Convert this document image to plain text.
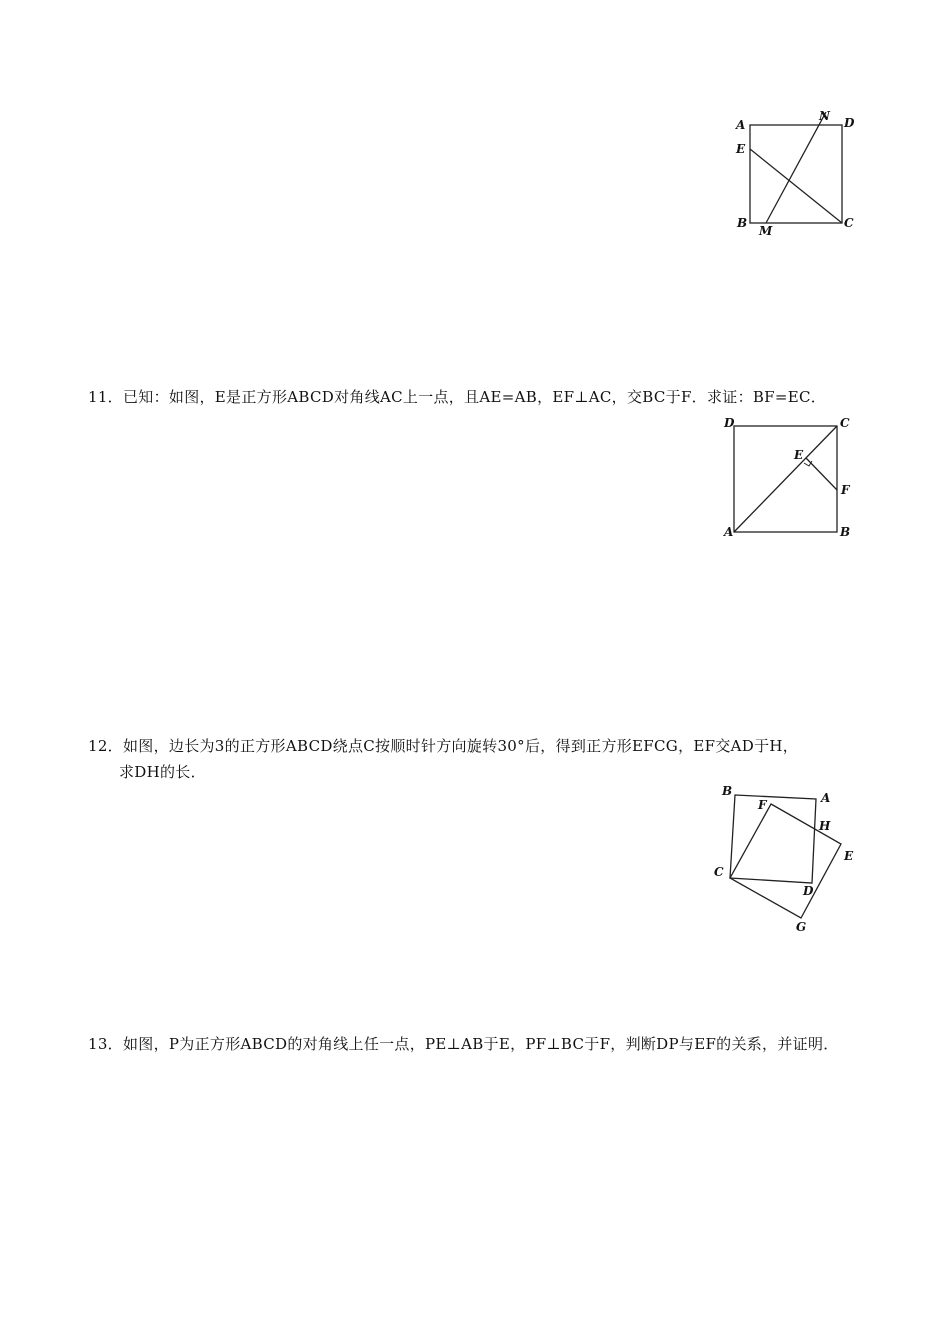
A
N D
E
B
M
C
11．已知：如图，E是正方形ABCD对角线AC上一点，且AE=AB，EF⊥AC，交BC于F．求证：BF=EC．
D	C
E
F
A	B
12．如图，边长为3的正方形ABCD绕点C按顺时针方向旋转30°后，得到正方形EFCG，EF交AD于H，
求DH的长．
B
F	A
H
E
C
D
G
13．如图，P为正方形ABCD的对角线上任一点，PE⊥AB于E，PF⊥BC于F，判断DP与EF的关系，并证明．
